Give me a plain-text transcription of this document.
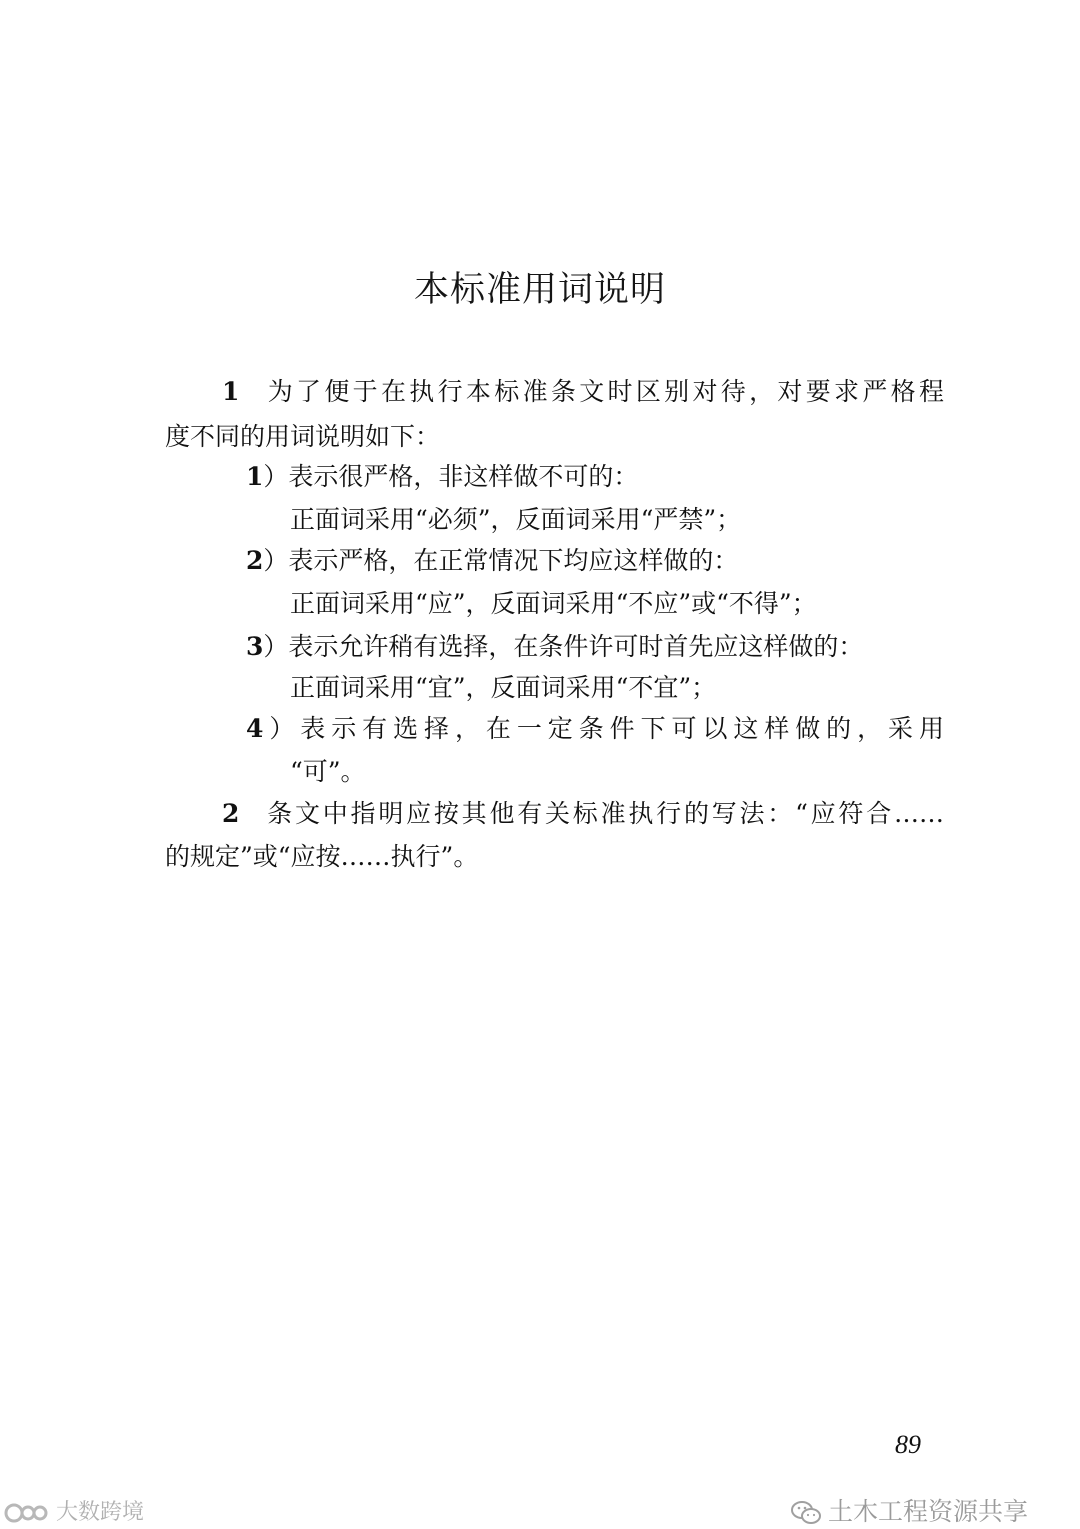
本标准用词说明
1  为了便于在执行本标准条文时区别对待，对要求严格程
度不同的用词说明如下：
1）表示很严格，非这样做不可的：
正面词采用“必须”，反面词采用“严禁”；
2）表示严格，在正常情况下均应这样做的：
正面词采用“应”，反面词采用“不应”或“不得”；
3）表示允许稍有选择，在条件许可时首先应这样做的：
正面词采用“宜”，反面词采用“不宜”；
4）表示有选择，在一定条件下可以这样做的，采用
“可”。
2  条文中指明应按其他有关标准执行的写法：“应符合……
的规定”或“应按……执行”。
89
大数跨境	土木工程资源共享
